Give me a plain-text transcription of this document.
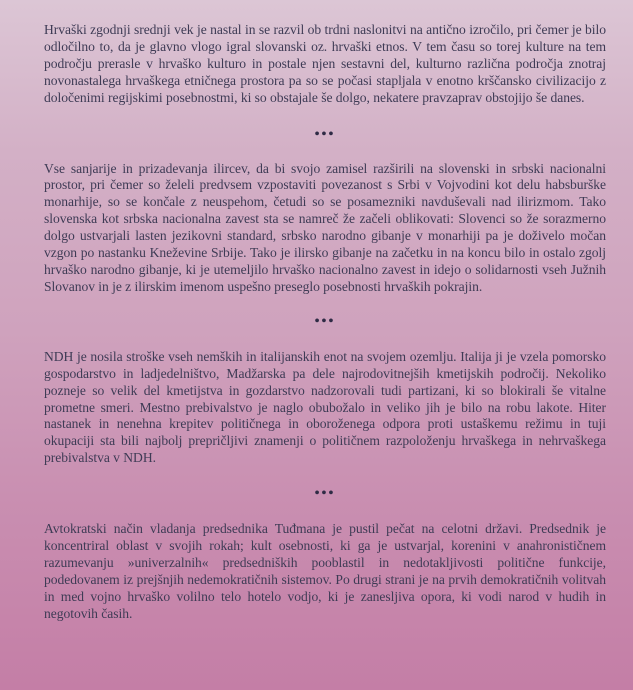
Hrvaški zgodnji srednji vek je nastal in se razvil ob trdni naslonitvi na antično izročilo, pri čemer je bilo odločilno to, da je glavno vlogo igral slovanski oz. hrvaški etnos. V tem času so torej kulture na tem področju prerasle v hrvaško kulturo in postale njen sestavni del, kulturno različna področja znotraj novonastalega hrvaškega etničnega prostora pa so se počasi stapljala v enotno krščansko civilizacijo z določenimi regijskimi posebnostmi, ki so obstajale še dolgo, nekatere pravzaprav obstojijo še danes.

•••

Vse sanjarije in prizadevanja ilircev, da bi svojo zamisel razširili na slovenski in srbski nacionalni prostor, pri čemer so želeli predvsem vzpostaviti povezanost s Srbi v Vojvodini kot delu habsburške monarhije, so se končale z neuspehom, četudi so se posamezniki navduševali nad ilirizmom. Tako slovenska kot srbska nacionalna zavest sta se namreč že začeli oblikovati: Slovenci so že sorazmerno dolgo ustvarjali lasten jezikovni standard, srbsko narodno gibanje v monarhiji pa je doživelo močan vzgon po nastanku Kneževine Srbije. Tako je ilirsko gibanje na začetku in na koncu bilo in ostalo zgolj hrvaško narodno gibanje, ki je utemeljilo hrvaško nacionalno zavest in idejo o solidarnosti vseh Južnih Slovanov in je z ilirskim imenom uspešno preseglo posebnosti hrvaških pokrajin.

•••

NDH je nosila stroške vseh nemških in italijanskih enot na svojem ozemlju. Italija ji je vzela pomorsko gospodarstvo in ladjedelništvo, Madžarska pa dele najrodovitnejših kmetijskih področij. Nekoliko pozneje so velik del kmetijstva in gozdarstvo nadzorovali tudi partizani, ki so blokirali še vitalne prometne smeri. Mestno prebivalstvo je naglo obubožalo in veliko jih je bilo na robu lakote. Hiter nastanek in nenehna krepitev političnega in oboroženega odpora proti ustaškemu režimu in tuji okupaciji sta bili najbolj prepričljivi znamenji o političnem razpoloženju hrvaškega in nehrvaškega prebivalstva v NDH.

•••

Avtokratski način vladanja predsednika Tuđmana je pustil pečat na celotni državi. Predsednik je koncentriral oblast v svojih rokah; kult osebnosti, ki ga je ustvarjal, korenini v anahronističnem razumevanju »univerzalnih« predsedniških pooblastil in nedotakljivosti politične funkcije, podedovanem iz prejšnjih nedemokratičnih sistemov. Po drugi strani je na prvih demokratičnih volitvah in med vojno hrvaško volilno telo hotelo vodjo, ki je zanesljiva opora, ki vodi narod v hudih in negotovih časih.
